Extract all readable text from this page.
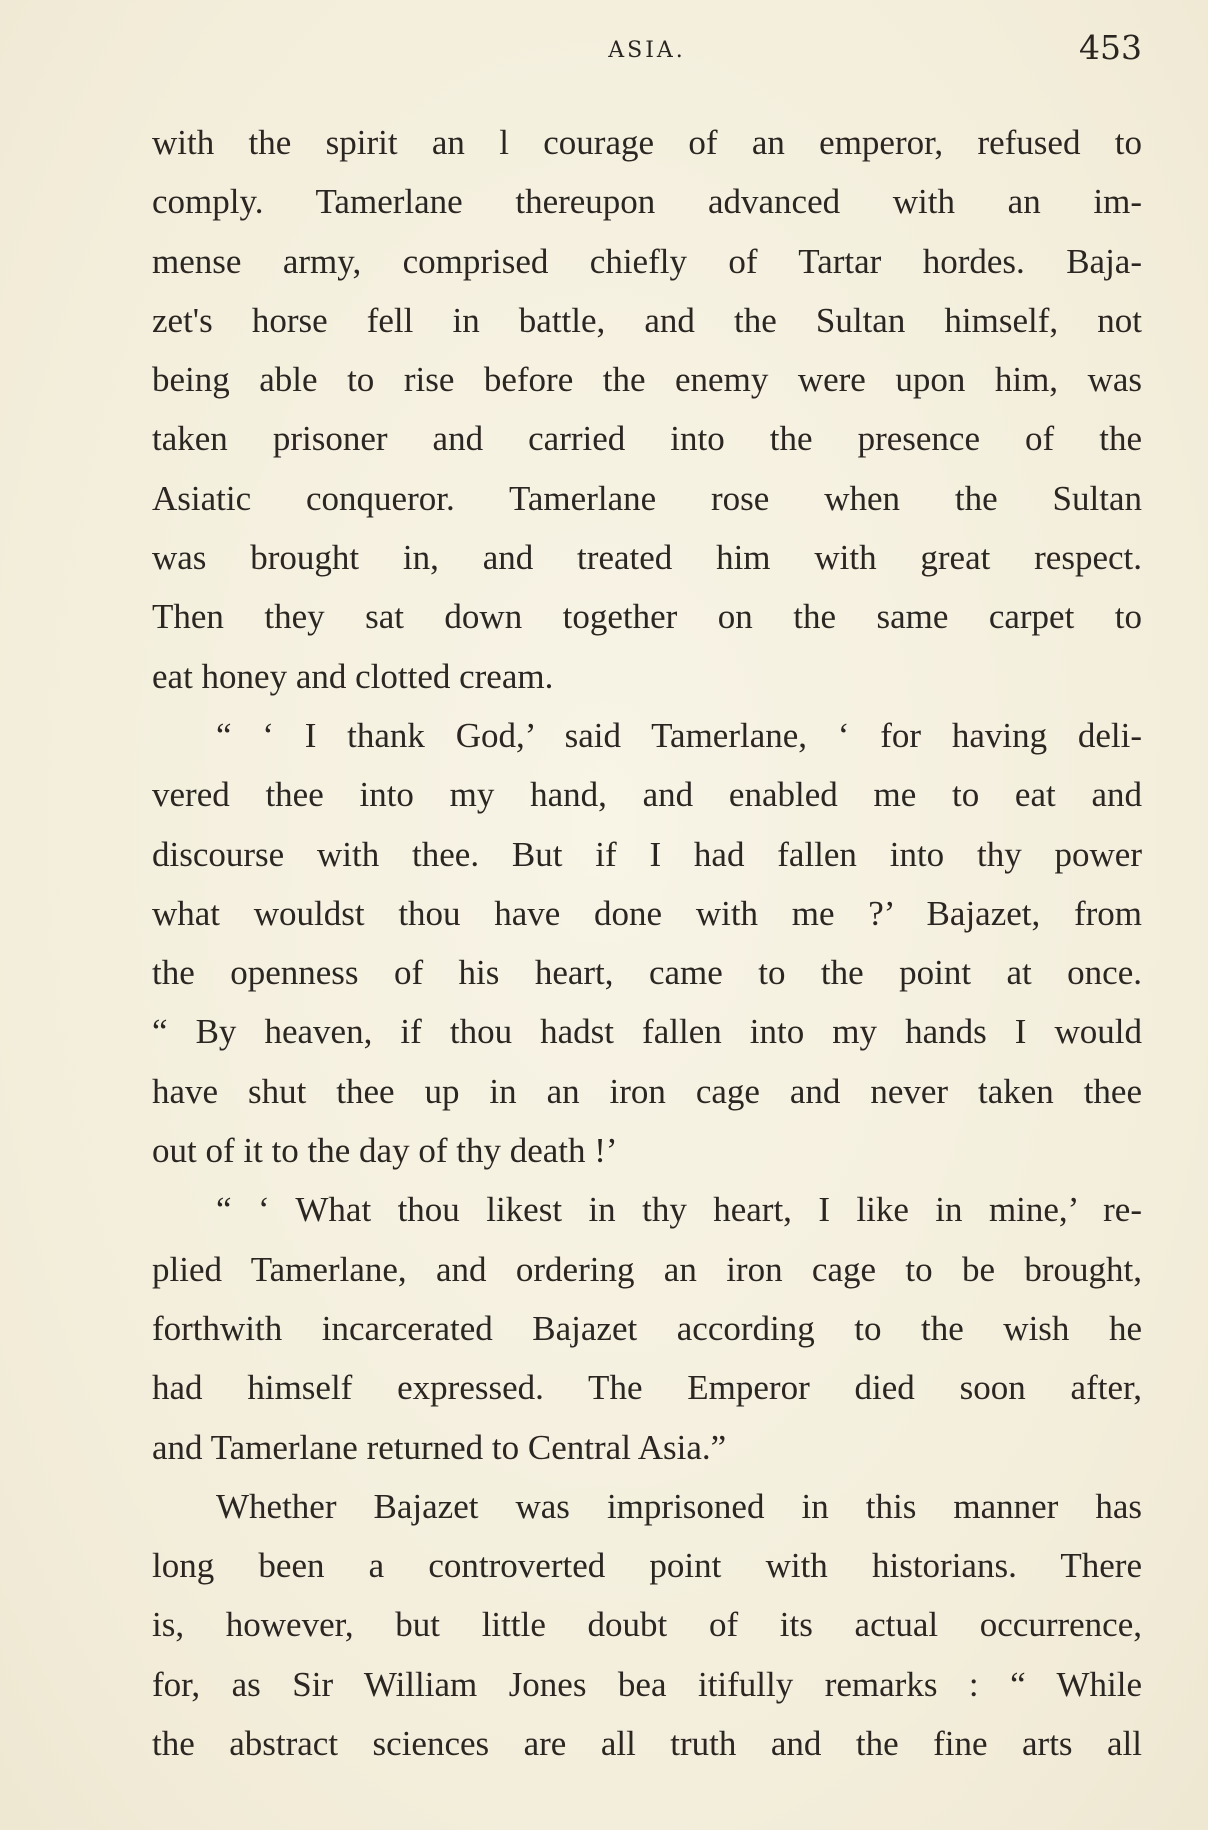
ASIA.	453
with the spirit an l courage of an emperor, refused to
comply. Tamerlane thereupon advanced with an im-
mense army, comprised chiefly of Tartar hordes. Baja-
zet's horse fell in battle, and the Sultan himself, not
being able to rise before the enemy were upon him, was
taken prisoner and carried into the presence of the
Asiatic conqueror. Tamerlane rose when the Sultan
was brought in, and treated him with great respect.
Then they sat down together on the same carpet to
eat honey and clotted cream.
“ ‘ I thank God,’ said Tamerlane, ‘ for having deli-
vered thee into my hand, and enabled me to eat and
discourse with thee. But if I had fallen into thy power
what wouldst thou have done with me ?’ Bajazet, from
the openness of his heart, came to the point at once.
“ By heaven, if thou hadst fallen into my hands I would
have shut thee up in an iron cage and never taken thee
out of it to the day of thy death !’
“ ‘ What thou likest in thy heart, I like in mine,’ re-
plied Tamerlane, and ordering an iron cage to be brought,
forthwith incarcerated Bajazet according to the wish he
had himself expressed. The Emperor died soon after,
and Tamerlane returned to Central Asia.”
Whether Bajazet was imprisoned in this manner has
long been a controverted point with historians. There
is, however, but little doubt of its actual occurrence,
for, as Sir William Jones bea itifully remarks : “ While
the abstract sciences are all truth and the fine arts all
